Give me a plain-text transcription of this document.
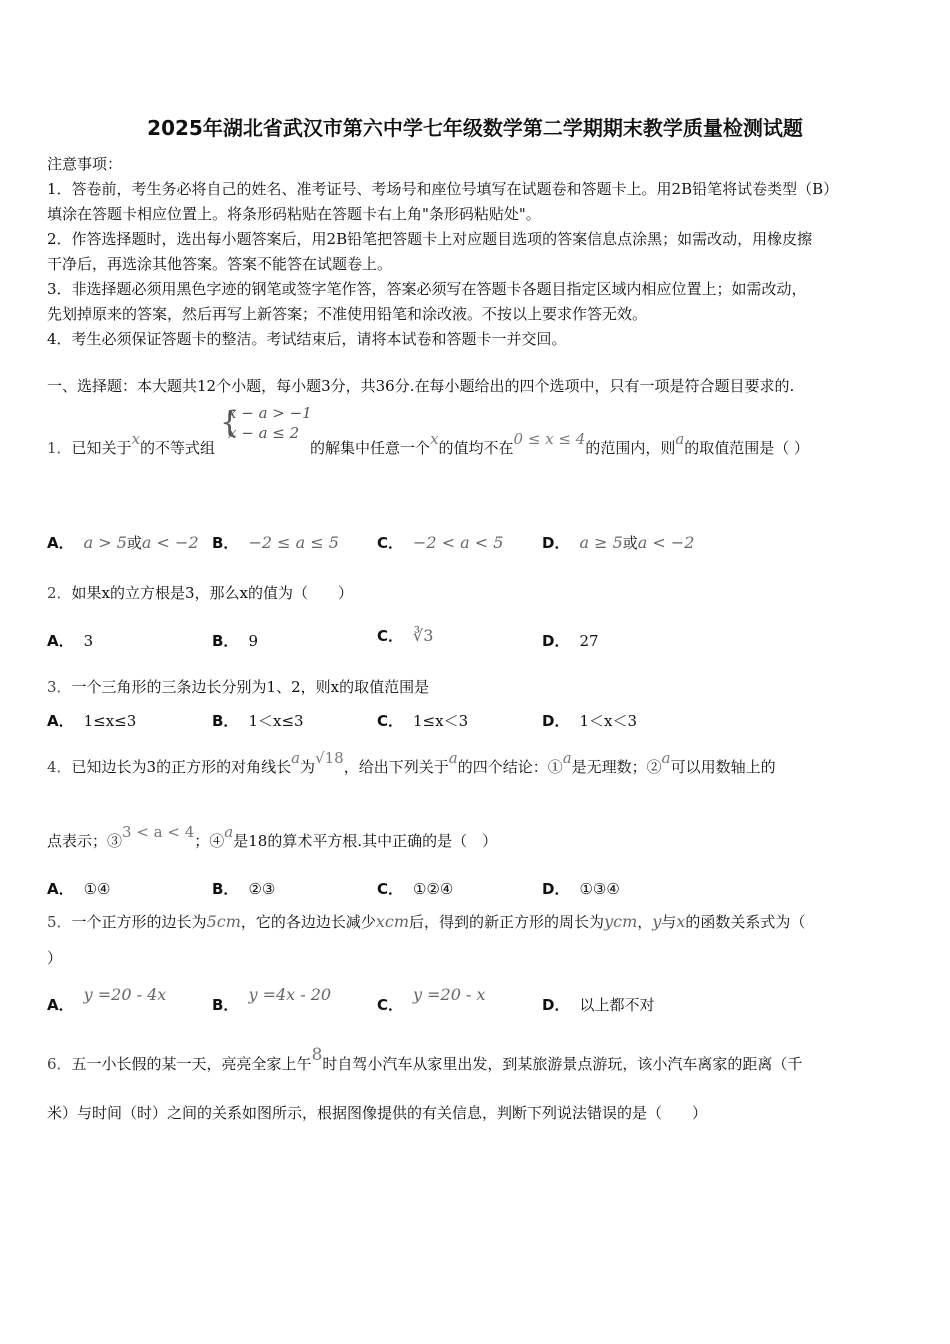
2025年湖北省武汉市第六中学七年级数学第二学期期末教学质量检测试题
注意事项：
1．答卷前，考生务必将自己的姓名、准考证号、考场号和座位号填写在试题卷和答题卡上。用2B铅笔将试卷类型（B）
填涂在答题卡相应位置上。将条形码粘贴在答题卡右上角"条形码粘贴处"。
2．作答选择题时，选出每小题答案后，用2B铅笔把答题卡上对应题目选项的答案信息点涂黑；如需改动，用橡皮擦
干净后，再选涂其他答案。答案不能答在试题卷上。
3．非选择题必须用黑色字迹的钢笔或签字笔作答，答案必须写在答题卡各题目指定区域内相应位置上；如需改动，
先划掉原来的答案，然后再写上新答案；不准使用铅笔和涂改液。不按以上要求作答无效。
4．考生必须保证答题卡的整洁。考试结束后，请将本试卷和答题卡一并交回。
一、选择题：本大题共12个小题，每小题3分，共36分.在每小题给出的四个选项中，只有一项是符合题目要求的.
{
x − a > −1
x − a ≤ 2
1．已知关于x的不等式组	的解集中任意一个x的值均不在0 ≤ x ≤ 4的范围内，则a的取值范围是（ ）
A． a > 5或a < −2 B． −2 ≤ a ≤ 5	C． −2 < a < 5	D． a ≥ 5或a < −2
2．如果x的立方根是3，那么x的值为（　　）
A． 3	B． 9	C． ∛3	D． 27
3．一个三角形的三条边长分别为1、2，则x的取值范围是
A． 1≤x≤3	B． 1＜x≤3	C． 1≤x＜3	D． 1＜x＜3
4．已知边长为3的正方形的对角线长a为√18，给出下列关于a的四个结论：①a是无理数；②a可以用数轴上的
点表示；③3 < a < 4；④a是18的算术平方根.其中正确的是（　）
A． ①④	B． ②③	C． ①②④	D． ①③④
5．一个正方形的边长为5cm，它的各边边长减少xcm后，得到的新正方形的周长为ycm，y与x的函数关系式为（
）
A．y =20 - 4x
B．y =4x - 20
C．y =20 - x
D． 以上都不对
6．五一小长假的某一天，亮亮全家上午8时自驾小汽车从家里出发，到某旅游景点游玩，该小汽车离家的距离（千
米）与时间（时）之间的关系如图所示，根据图像提供的有关信息，判断下列说法错误的是（　　）
